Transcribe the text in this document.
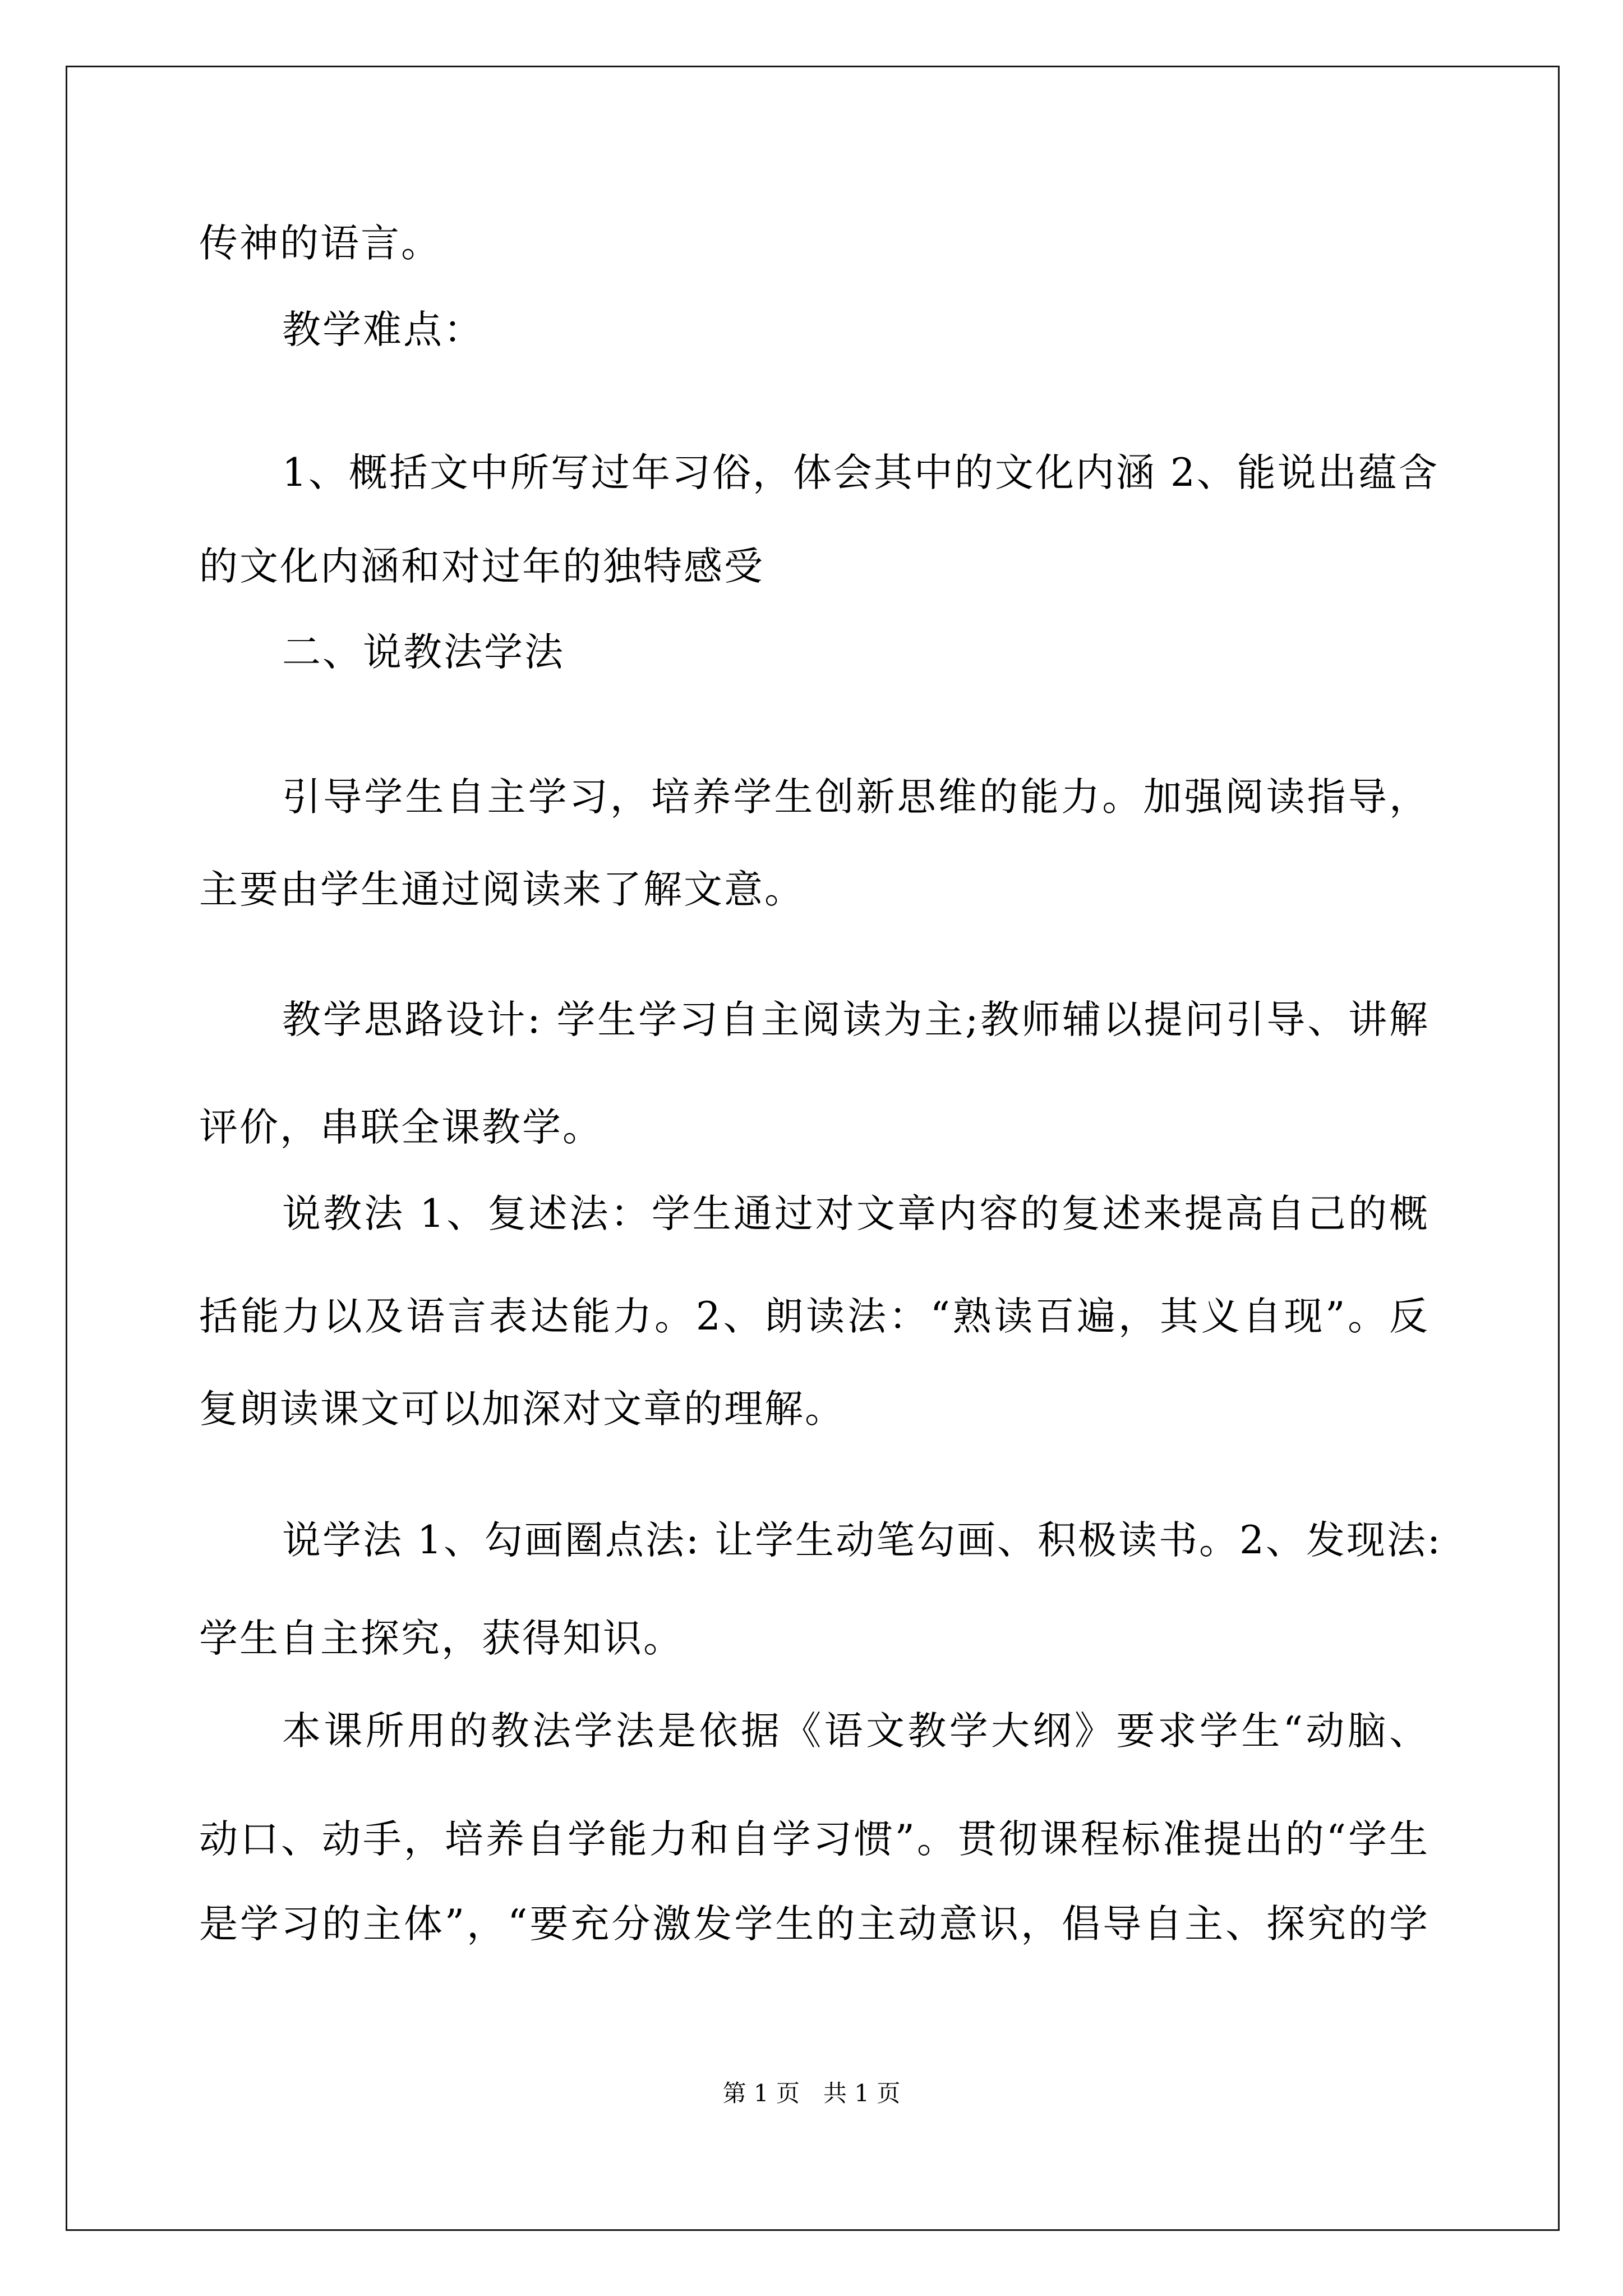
传神的语言。
教学难点：
1、概括文中所写过年习俗，体会其中的文化内涵 2、能说出蕴含
的文化内涵和对过年的独特感受
二、说教法学法
引导学生自主学习，培养学生创新思维的能力。加强阅读指导，
主要由学生通过阅读来了解文意。
教学思路设计: 学生学习自主阅读为主;教师辅以提问引导、讲解
评价，串联全课教学。
说教法 1、复述法：学生通过对文章内容的复述来提高自己的概
括能力以及语言表达能力。2、朗读法：“熟读百遍，其义自现”。反
复朗读课文可以加深对文章的理解。
说学法 1、勾画圈点法: 让学生动笔勾画、积极读书。2、发现法:
学生自主探究，获得知识。
本课所用的教法学法是依据《语文教学大纲》要求学生“动脑、
动口、动手，培养自学能力和自学习惯”。贯彻课程标准提出的“学生
是学习的主体”，“要充分激发学生的主动意识，倡导自主、探究的学
第 1 页　共 1 页
